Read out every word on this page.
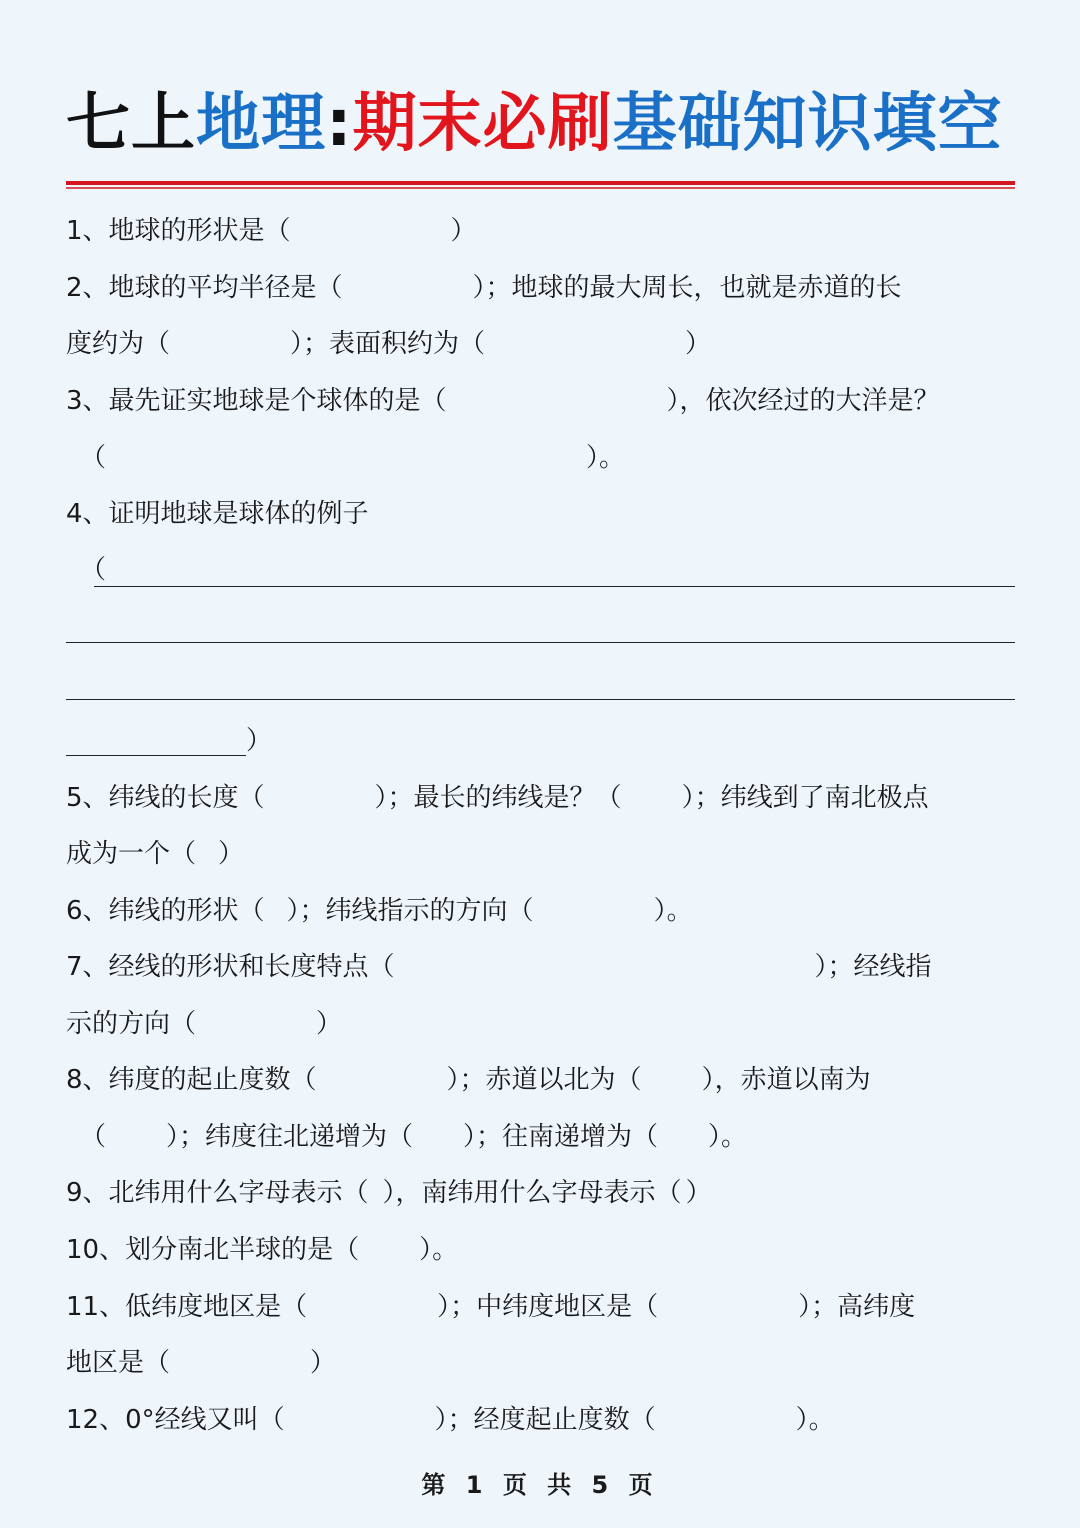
七上地理:期末必刷基础知识填空
1、地球的形状是（	）
2、地球的平均半径是（	）；地球的最大周长，也就是赤道的长
度约为（	）；表面积约为（	）
3、最先证实地球是个球体的是（	），依次经过的大洋是？
（	）。
4、证明地球是球体的例子
（
）
5、纬线的长度（	）；最长的纬线是？（ ）；纬线到了南北极点
成为一个（ ）
6、纬线的形状（ ）；纬线指示的方向（	）。
7、经线的形状和长度特点（	）；经线指
示的方向（	）
8、纬度的起止度数（	）；赤道以北为（ ），赤道以南为
（ ）；纬度往北递增为（ ）；往南递增为（ ）。
9、北纬用什么字母表示（ ），南纬用什么字母表示（ ）
10、划分南北半球的是（ ）。
11、低纬度地区是（	）；中纬度地区是（	）；高纬度
地区是（	）
12、0°经线又叫（	）；经度起止度数（	）。
第 1 页 共 5 页
